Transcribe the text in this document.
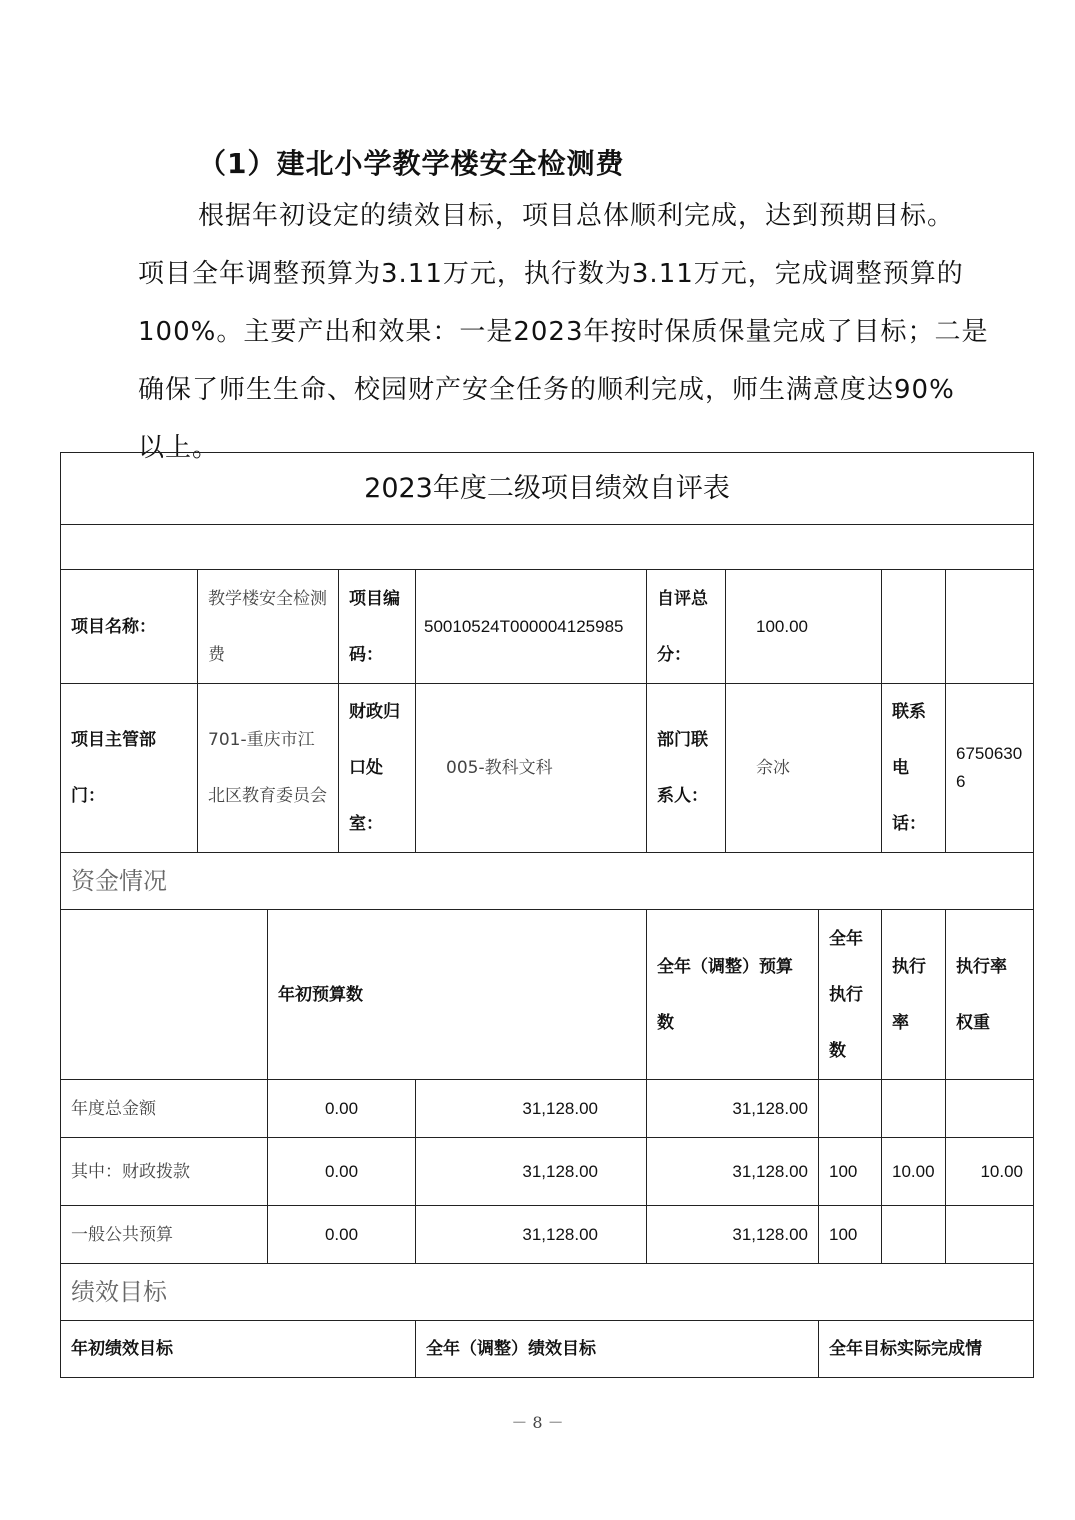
（1）建北小学教学楼安全检测费
根据年初设定的绩效目标，项目总体顺利完成，达到预期目标。
项目全年调整预算为3.11万元，执行数为3.11万元，完成调整预算的
100%。主要产出和效果：一是2023年按时保质保量完成了目标；二是
确保了师生生命、校园财产安全任务的顺利完成，师生满意度达90%
以上。
2023年度二级项目绩效自评表									

项目名称：	教学楼安全检测费		项目编码：	50010524T000004125985	自评总分：	100.00			
项目主管部门：	701-重庆市江北区教育委员会		财政归口处室：	005-教科文科	部门联系人：	佘冰		联系电话：	67506306
资金情况									
		年初预算数			全年（调整）预算数		全年执行数	执行率	执行率权重
年度总金额	0.00	31,128.00	31,128.00			
其中：财政拨款	0.00	31,128.00	31,128.00	100	10.00	10.00
一般公共预算	0.00	31,128.00	31,128.00	100		
绩效目标						
年初绩效目标		全年（调整）绩效目标		全年目标实际完成情		
－ 8 －
